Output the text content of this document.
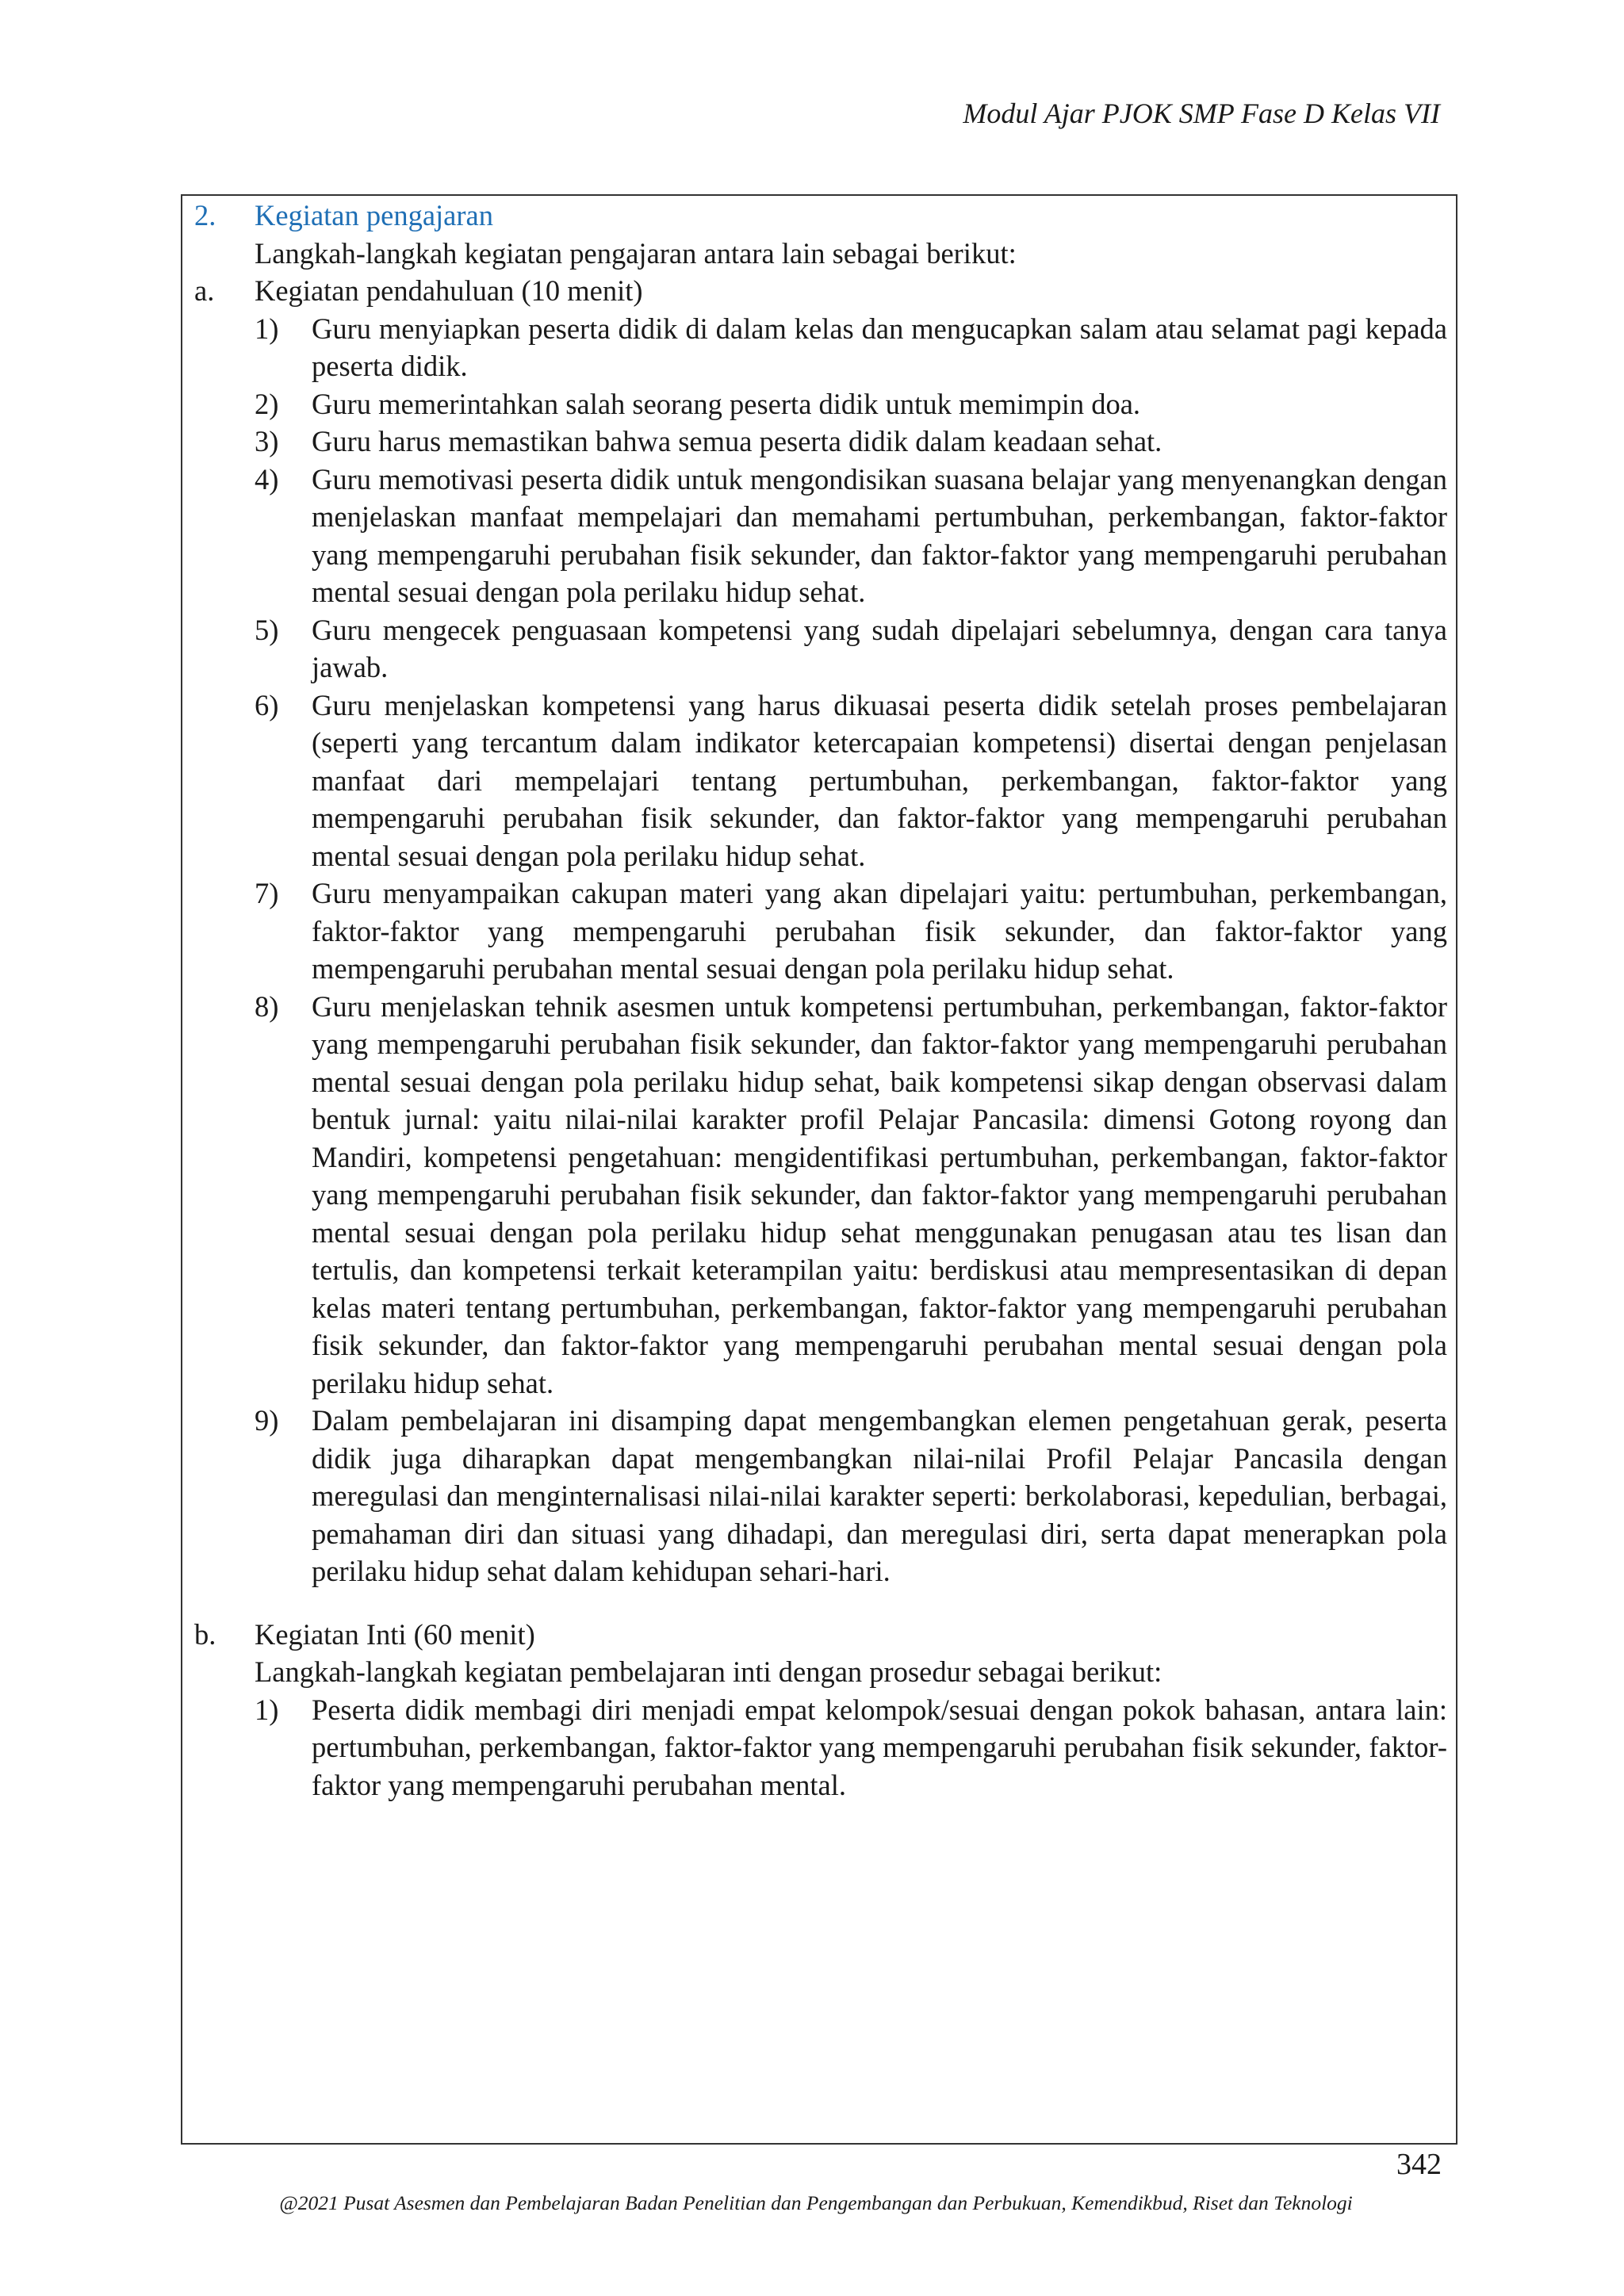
Modul Ajar PJOK SMP Fase D Kelas VII
2. Kegiatan pengajaran
Langkah-langkah kegiatan pengajaran antara lain sebagai berikut:
a. Kegiatan pendahuluan (10 menit)
1) Guru menyiapkan peserta didik di dalam kelas dan mengucapkan salam atau selamat pagi kepada peserta didik.
2) Guru memerintahkan salah seorang peserta didik untuk memimpin doa.
3) Guru harus memastikan bahwa semua peserta didik dalam keadaan sehat.
4) Guru memotivasi peserta didik untuk mengondisikan suasana belajar yang menyenangkan dengan menjelaskan manfaat mempelajari dan memahami pertumbuhan, perkembangan, faktor-faktor yang mempengaruhi perubahan fisik sekunder, dan faktor-faktor yang mempengaruhi perubahan mental sesuai dengan pola perilaku hidup sehat.
5) Guru mengecek penguasaan kompetensi yang sudah dipelajari sebelumnya, dengan cara tanya jawab.
6) Guru menjelaskan kompetensi yang harus dikuasai peserta didik setelah proses pembelajaran (seperti yang tercantum dalam indikator ketercapaian kompetensi) disertai dengan penjelasan manfaat dari mempelajari tentang pertumbuhan, perkembangan, faktor-faktor yang mempengaruhi perubahan fisik sekunder, dan faktor-faktor yang mempengaruhi perubahan mental sesuai dengan pola perilaku hidup sehat.
7) Guru menyampaikan cakupan materi yang akan dipelajari yaitu: pertumbuhan, perkembangan, faktor-faktor yang mempengaruhi perubahan fisik sekunder, dan faktor-faktor yang mempengaruhi perubahan mental sesuai dengan pola perilaku hidup sehat.
8) Guru menjelaskan tehnik asesmen untuk kompetensi pertumbuhan, perkembangan, faktor-faktor yang mempengaruhi perubahan fisik sekunder, dan faktor-faktor yang mempengaruhi perubahan mental sesuai dengan pola perilaku hidup sehat, baik kompetensi sikap dengan observasi dalam bentuk jurnal: yaitu nilai-nilai karakter profil Pelajar Pancasila: dimensi Gotong royong dan Mandiri, kompetensi pengetahuan: mengidentifikasi pertumbuhan, perkembangan, faktor-faktor yang mempengaruhi perubahan fisik sekunder, dan faktor-faktor yang mempengaruhi perubahan mental sesuai dengan pola perilaku hidup sehat menggunakan penugasan atau tes lisan dan tertulis, dan kompetensi terkait keterampilan yaitu: berdiskusi atau mempresentasikan di depan kelas materi tentang pertumbuhan, perkembangan, faktor-faktor yang mempengaruhi perubahan fisik sekunder, dan faktor-faktor yang mempengaruhi perubahan mental sesuai dengan pola perilaku hidup sehat.
9) Dalam pembelajaran ini disamping dapat mengembangkan elemen pengetahuan gerak, peserta didik juga diharapkan dapat mengembangkan nilai-nilai Profil Pelajar Pancasila dengan meregulasi dan menginternalisasi nilai-nilai karakter seperti: berkolaborasi, kepedulian, berbagai, pemahaman diri dan situasi yang dihadapi, dan meregulasi diri, serta dapat menerapkan pola perilaku hidup sehat dalam kehidupan sehari-hari.
b. Kegiatan Inti (60 menit)
Langkah-langkah kegiatan pembelajaran inti dengan prosedur sebagai berikut:
1) Peserta didik membagi diri menjadi empat kelompok/sesuai dengan pokok bahasan, antara lain: pertumbuhan, perkembangan, faktor-faktor yang mempengaruhi perubahan fisik sekunder, faktor-faktor yang mempengaruhi perubahan mental.
342
@2021 Pusat Asesmen dan Pembelajaran Badan Penelitian dan Pengembangan dan Perbukuan, Kemendikbud, Riset dan Teknologi
